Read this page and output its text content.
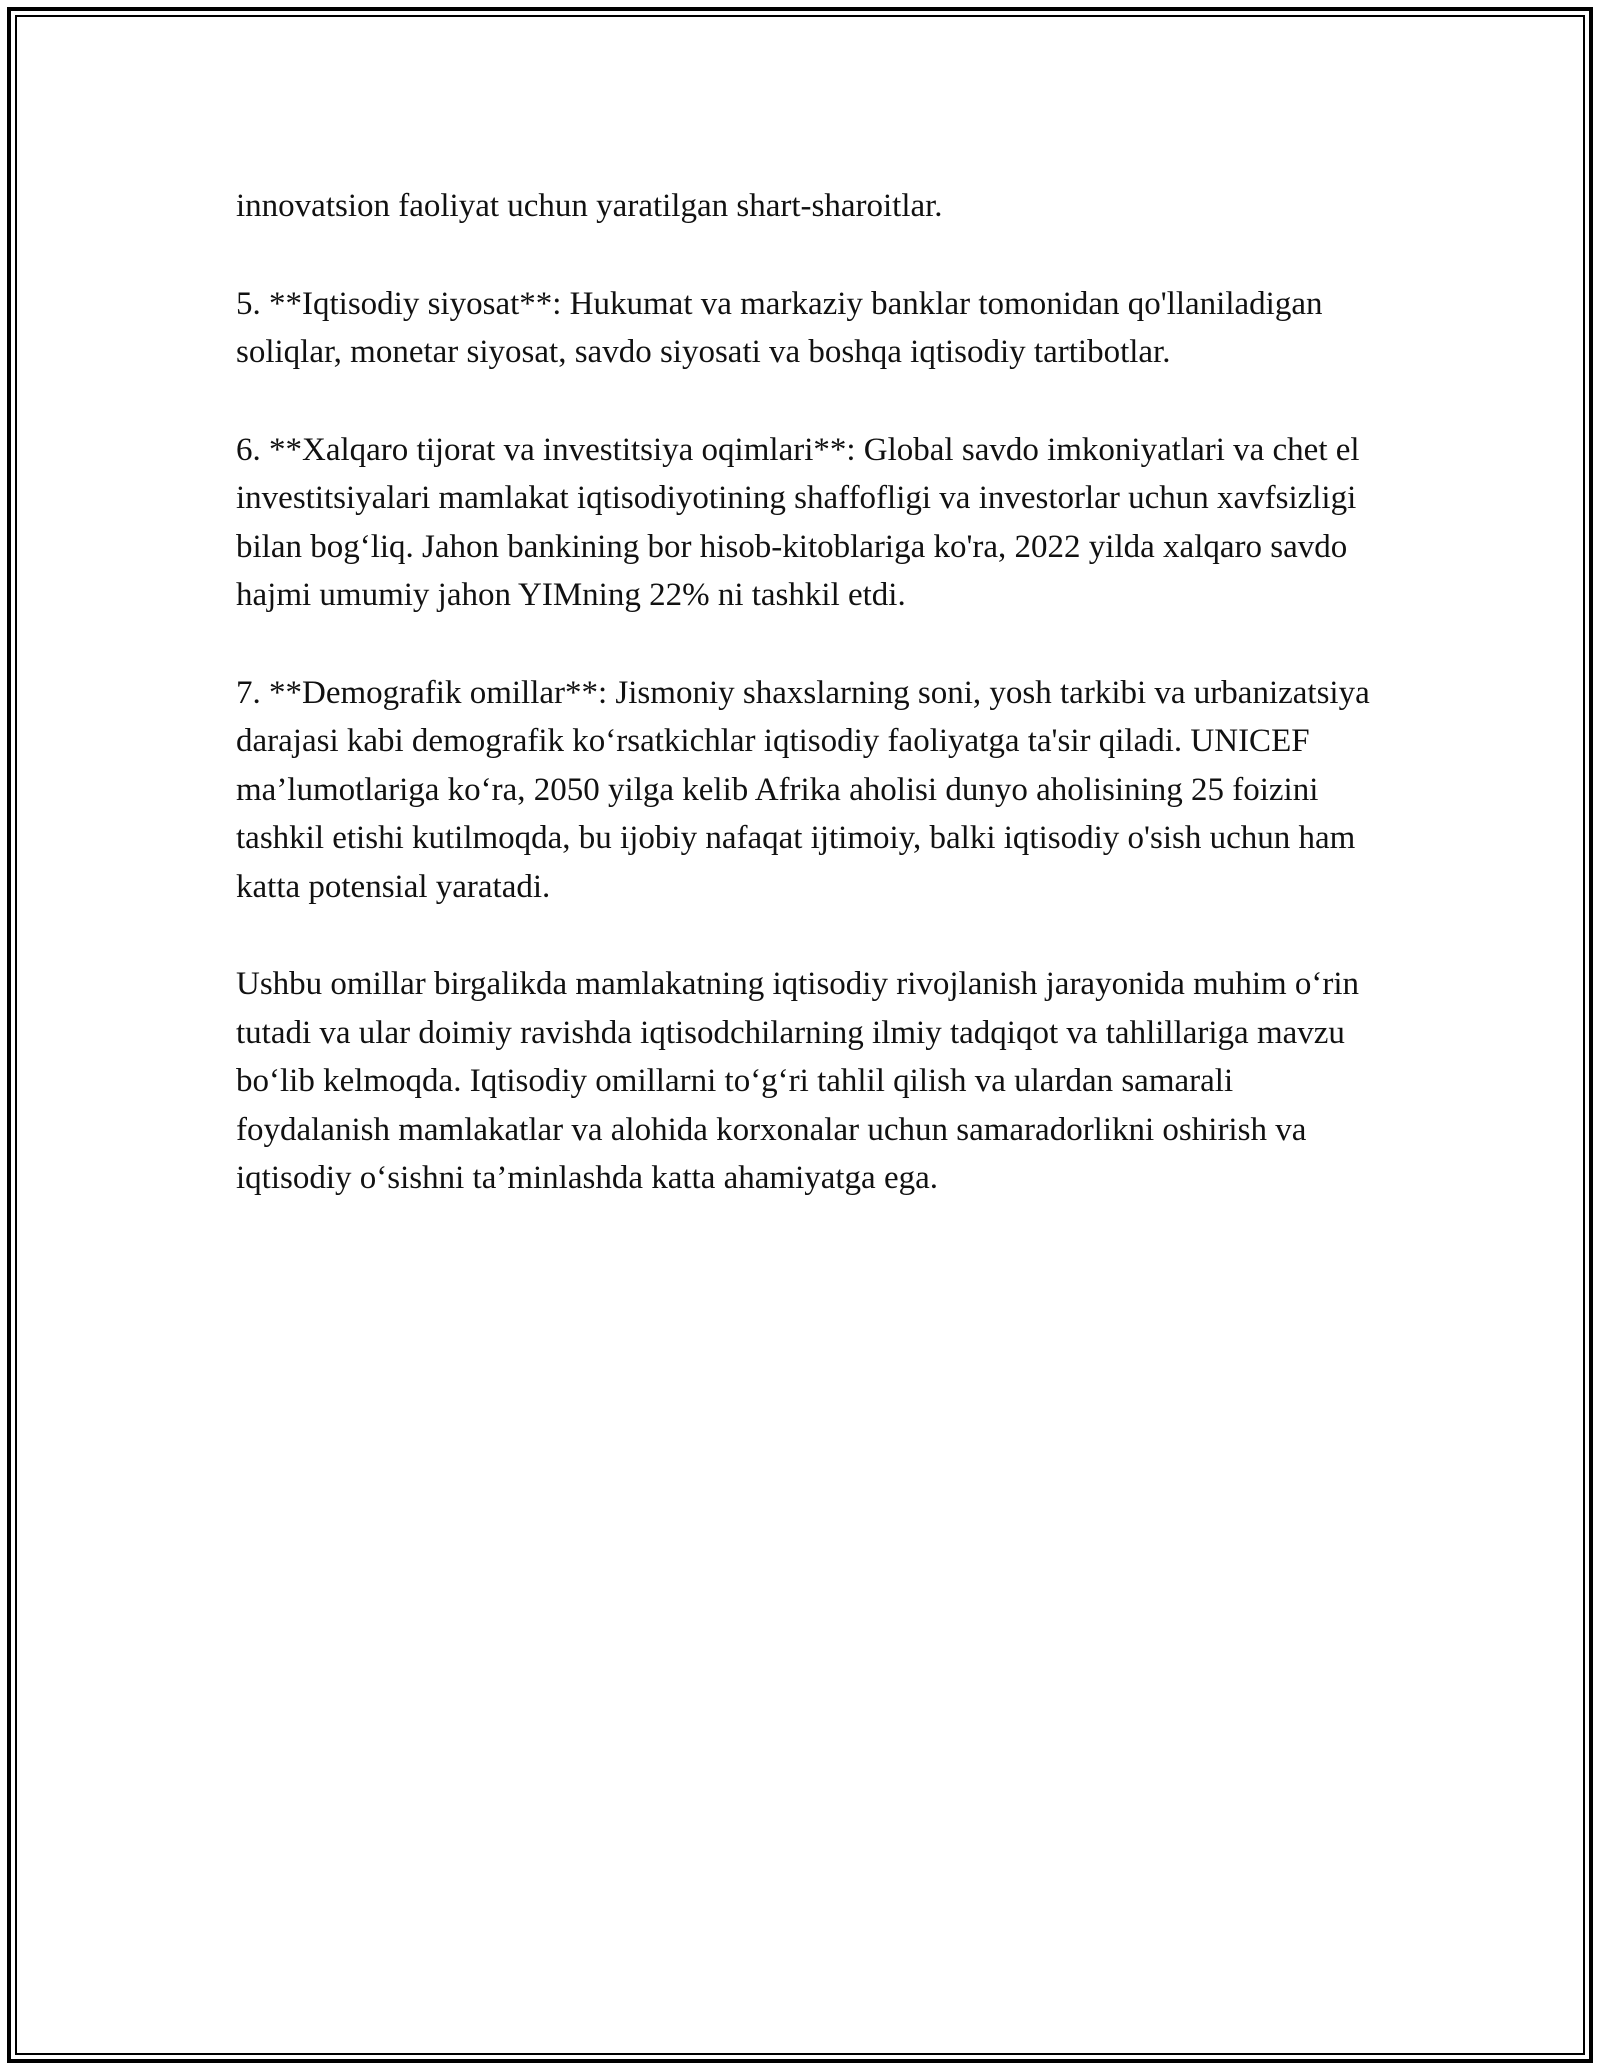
innovatsion faoliyat uchun yaratilgan shart-sharoitlar.

5. **Iqtisodiy siyosat**: Hukumat va markaziy banklar tomonidan qo'llaniladigan soliqlar, monetar siyosat, savdo siyosati va boshqa iqtisodiy tartibotlar.

6. **Xalqaro tijorat va investitsiya oqimlari**: Global savdo imkoniyatlari va chet el investitsiyalari mamlakat iqtisodiyotining shaffofligi va investorlar uchun xavfsizligi bilan bog‘liq. Jahon bankining bor hisob-kitoblariga ko'ra, 2022 yilda xalqaro savdo hajmi umumiy jahon YIMning 22% ni tashkil etdi.

7. **Demografik omillar**: Jismoniy shaxslarning soni, yosh tarkibi va urbanizatsiya darajasi kabi demografik ko‘rsatkichlar iqtisodiy faoliyatga ta'sir qiladi. UNICEF ma’lumotlariga ko‘ra, 2050 yilga kelib Afrika aholisi dunyo aholisining 25 foizini tashkil etishi kutilmoqda, bu ijobiy nafaqat ijtimoiy, balki iqtisodiy o'sish uchun ham katta potensial yaratadi.

Ushbu omillar birgalikda mamlakatning iqtisodiy rivojlanish jarayonida muhim o‘rin tutadi va ular doimiy ravishda iqtisodchilarning ilmiy tadqiqot va tahlillariga mavzu bo‘lib kelmoqda. Iqtisodiy omillarni to‘g‘ri tahlil qilish va ulardan samarali foydalanish mamlakatlar va alohida korxonalar uchun samaradorlikni oshirish va iqtisodiy o‘sishni ta’minlashda katta ahamiyatga ega.
